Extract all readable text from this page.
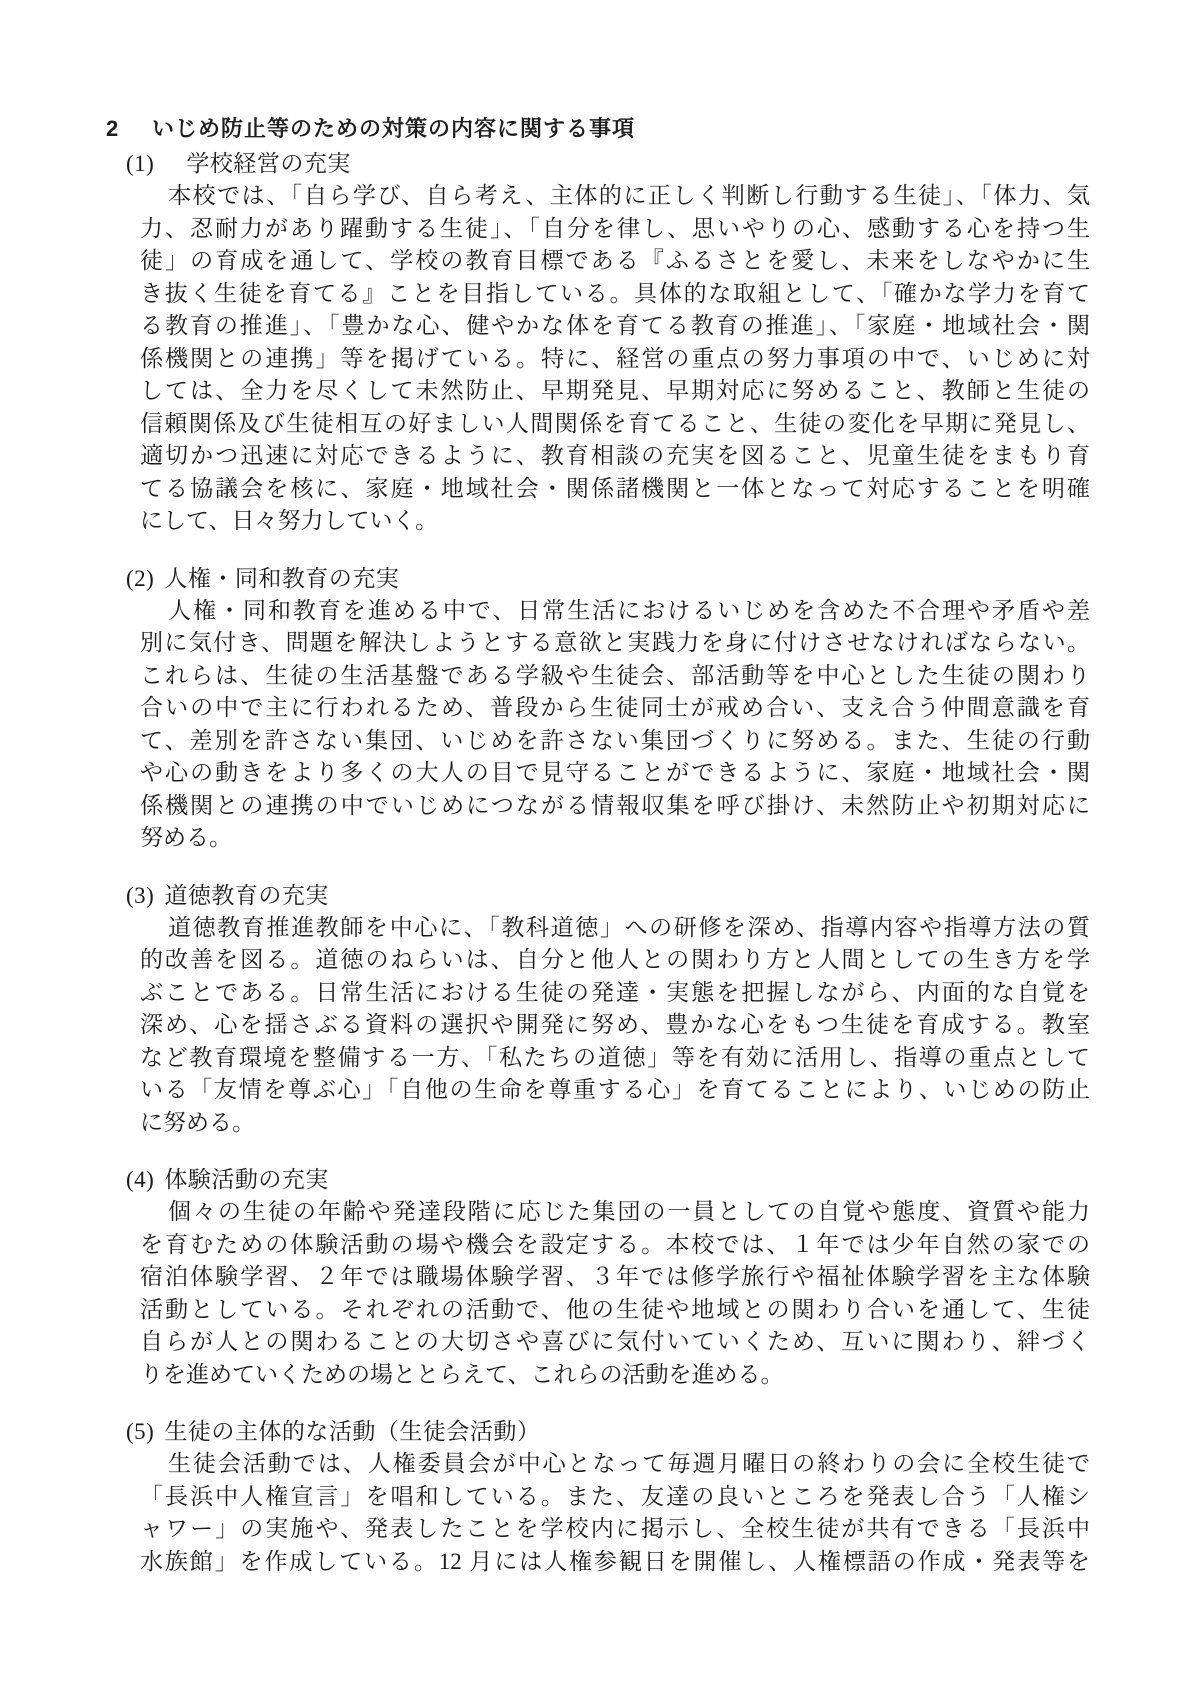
2 いじめ防止等のための対策の内容に関する事項
(1) 学校経営の充実
本校では、「自ら学び、自ら考え、主体的に正しく判断し行動する生徒」、「体力、気
力、忍耐力があり躍動する生徒」、「自分を律し、思いやりの心、感動する心を持つ生
徒」の育成を通して、学校の教育目標である『ふるさとを愛し、未来をしなやかに生
き抜く生徒を育てる』ことを目指している。具体的な取組として、「確かな学力を育て
る教育の推進」、「豊かな心、健やかな体を育てる教育の推進」、「家庭・地域社会・関
係機関との連携」等を掲げている。特に、経営の重点の努力事項の中で、いじめに対
しては、全力を尽くして未然防止、早期発見、早期対応に努めること、教師と生徒の
信頼関係及び生徒相互の好ましい人間関係を育てること、生徒の変化を早期に発見し、
適切かつ迅速に対応できるように、教育相談の充実を図ること、児童生徒をまもり育
てる協議会を核に、家庭・地域社会・関係諸機関と一体となって対応することを明確
にして、日々努力していく。
(2) 人権・同和教育の充実
人権・同和教育を進める中で、日常生活におけるいじめを含めた不合理や矛盾や差
別に気付き、問題を解決しようとする意欲と実践力を身に付けさせなければならない。
これらは、生徒の生活基盤である学級や生徒会、部活動等を中心とした生徒の関わり
合いの中で主に行われるため、普段から生徒同士が戒め合い、支え合う仲間意識を育
て、差別を許さない集団、いじめを許さない集団づくりに努める。また、生徒の行動
や心の動きをより多くの大人の目で見守ることができるように、家庭・地域社会・関
係機関との連携の中でいじめにつながる情報収集を呼び掛け、未然防止や初期対応に
努める。
(3) 道徳教育の充実
道徳教育推進教師を中心に、「教科道徳」への研修を深め、指導内容や指導方法の質
的改善を図る。道徳のねらいは、自分と他人との関わり方と人間としての生き方を学
ぶことである。日常生活における生徒の発達・実態を把握しながら、内面的な自覚を
深め、心を揺さぶる資料の選択や開発に努め、豊かな心をもつ生徒を育成する。教室
など教育環境を整備する一方、「私たちの道徳」等を有効に活用し、指導の重点として
いる「友情を尊ぶ心」「自他の生命を尊重する心」を育てることにより、いじめの防止
に努める。
(4) 体験活動の充実
個々の生徒の年齢や発達段階に応じた集団の一員としての自覚や態度、資質や能力
を育むための体験活動の場や機会を設定する。本校では、１年では少年自然の家での
宿泊体験学習、２年では職場体験学習、３年では修学旅行や福祉体験学習を主な体験
活動としている。それぞれの活動で、他の生徒や地域との関わり合いを通して、生徒
自らが人との関わることの大切さや喜びに気付いていくため、互いに関わり、絆づく
りを進めていくための場ととらえて、これらの活動を進める。
(5) 生徒の主体的な活動（生徒会活動）
生徒会活動では、人権委員会が中心となって毎週月曜日の終わりの会に全校生徒で
「長浜中人権宣言」を唱和している。また、友達の良いところを発表し合う「人権シ
ャワー」の実施や、発表したことを学校内に掲示し、全校生徒が共有できる「長浜中
水族館」を作成している。12 月には人権参観日を開催し、人権標語の作成・発表等を
